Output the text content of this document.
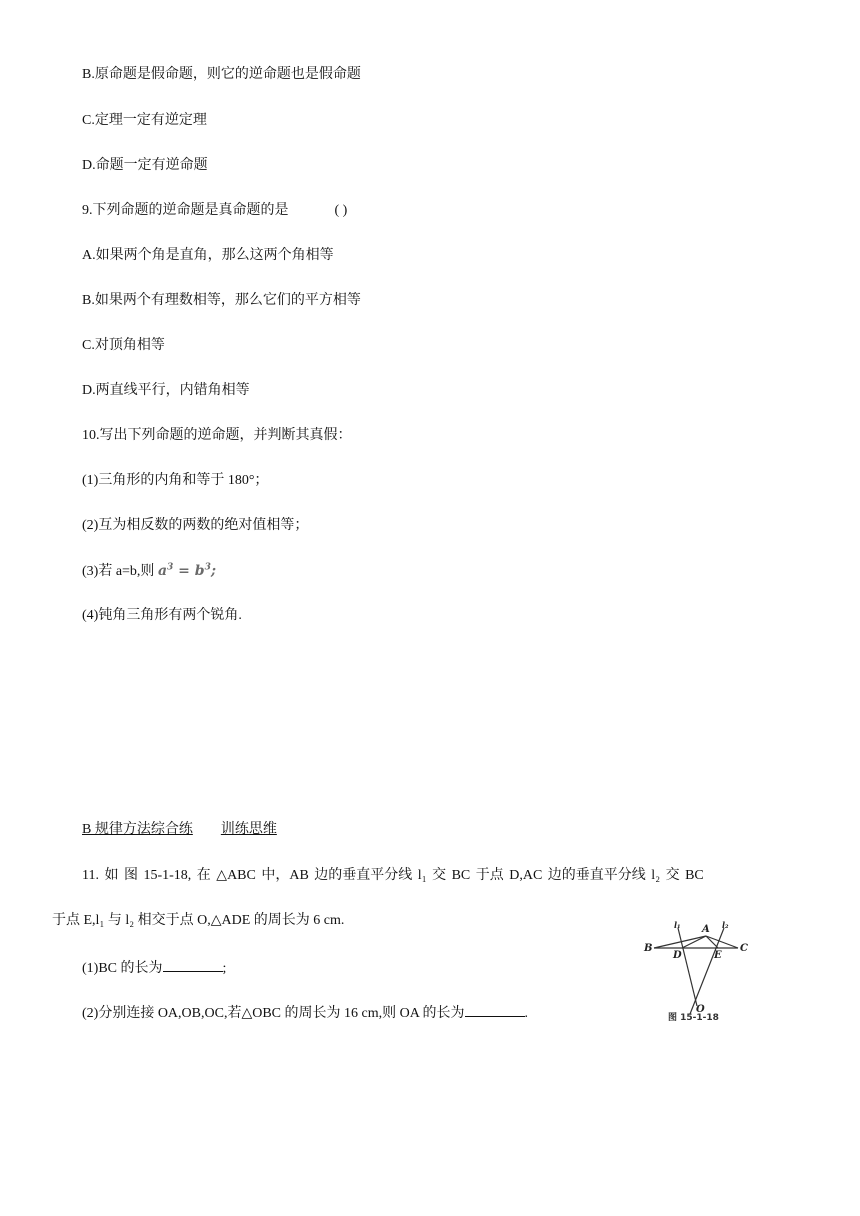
B.原命题是假命题，则它的逆命题也是假命题
C.定理一定有逆定理
D.命题一定有逆命题
9.下列命题的逆命题是真命题的是	( )
A.如果两个角是直角，那么这两个角相等
B.如果两个有理数相等，那么它们的平方相等
C.对顶角相等
D.两直线平行，内错角相等
10.写出下列命题的逆命题，并判断其真假：
(1)三角形的内角和等于 180°；
(2)互为相反数的两数的绝对值相等；
(3)若 a=b,则 $a^3 = b^3$;
(4)钝角三角形有两个锐角.
B 规律方法综合练 训练思维
11. 如 图 15-1-18, 在 △ABC 中，AB 边的垂直平分线 l₁ 交 BC 于点 D,AC 边的垂直平分线 l₂ 交 BC
于点 E,l₁ 与 l₂ 相交于点 O,△ADE 的周长为 6 cm.
(1)BC 的长为	;
(2)分别连接 OA,OB,OC,若△OBC 的周长为 16 cm,则 OA 的长为	.
B	C
A
D	E
O
l₁	l₂
图 15-1-18
